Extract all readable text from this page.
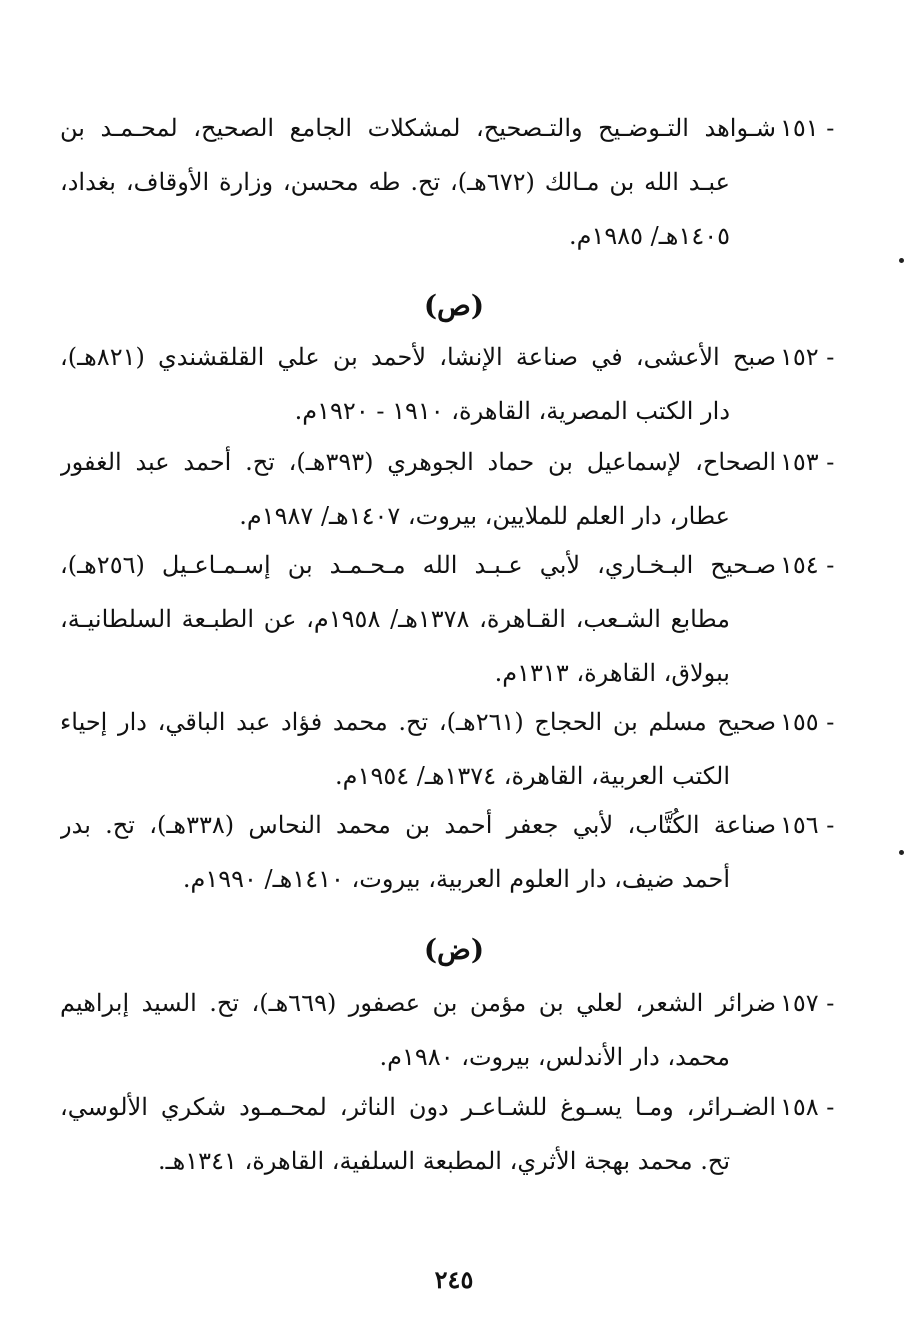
١٥١ -
شـواهد التـوضـيح والتـصحيح، لمشكلات الجامع الصحيح، لمحـمـد بن
عبـد الله بن مـالك (٦٧٢هـ)، تح. طه محسن، وزارة الأوقاف، بغداد،
١٤٠٥هـ/ ١٩٨٥م.
(ص)
١٥٢ -
صبح الأعشى، في صناعة الإنشا، لأحمد بن علي القلقشندي (٨٢١هـ)،
دار الكتب المصرية، القاهرة، ١٩١٠ - ١٩٢٠م.
١٥٣ -
الصحاح، لإسماعيل بن حماد الجوهري (٣٩٣هـ)، تح. أحمد عبد الغفور
عطار، دار العلم للملايين، بيروت، ١٤٠٧هـ/ ١٩٨٧م.
١٥٤ -
صـحيح البـخـاري، لأبي عـبـد الله مـحـمـد بن إسـمـاعـيل (٢٥٦هـ)،
مطابع الشـعب، القـاهرة، ١٣٧٨هـ/ ١٩٥٨م، عن الطبـعة السلطانيـة،
ببولاق، القاهرة، ١٣١٣م.
١٥٥ -
صحيح مسلم بن الحجاج (٢٦١هـ)، تح. محمد فؤاد عبد الباقي، دار إحياء
الكتب العربية، القاهرة، ١٣٧٤هـ/ ١٩٥٤م.
١٥٦ -
صناعة الكُتَّاب، لأبي جعفر أحمد بن محمد النحاس (٣٣٨هـ)، تح. بدر
أحمد ضيف، دار العلوم العربية، بيروت، ١٤١٠هـ/ ١٩٩٠م.
(ض)
١٥٧ -
ضرائر الشعر، لعلي بن مؤمن بن عصفور (٦٦٩هـ)، تح. السيد إبراهيم
محمد، دار الأندلس، بيروت، ١٩٨٠م.
١٥٨ -
الضـرائر، ومـا يسـوغ للشـاعـر دون الناثر، لمحـمـود شكري الألوسي،
تح. محمد بهجة الأثري، المطبعة السلفية، القاهرة، ١٣٤١هـ.
٢٤٥
